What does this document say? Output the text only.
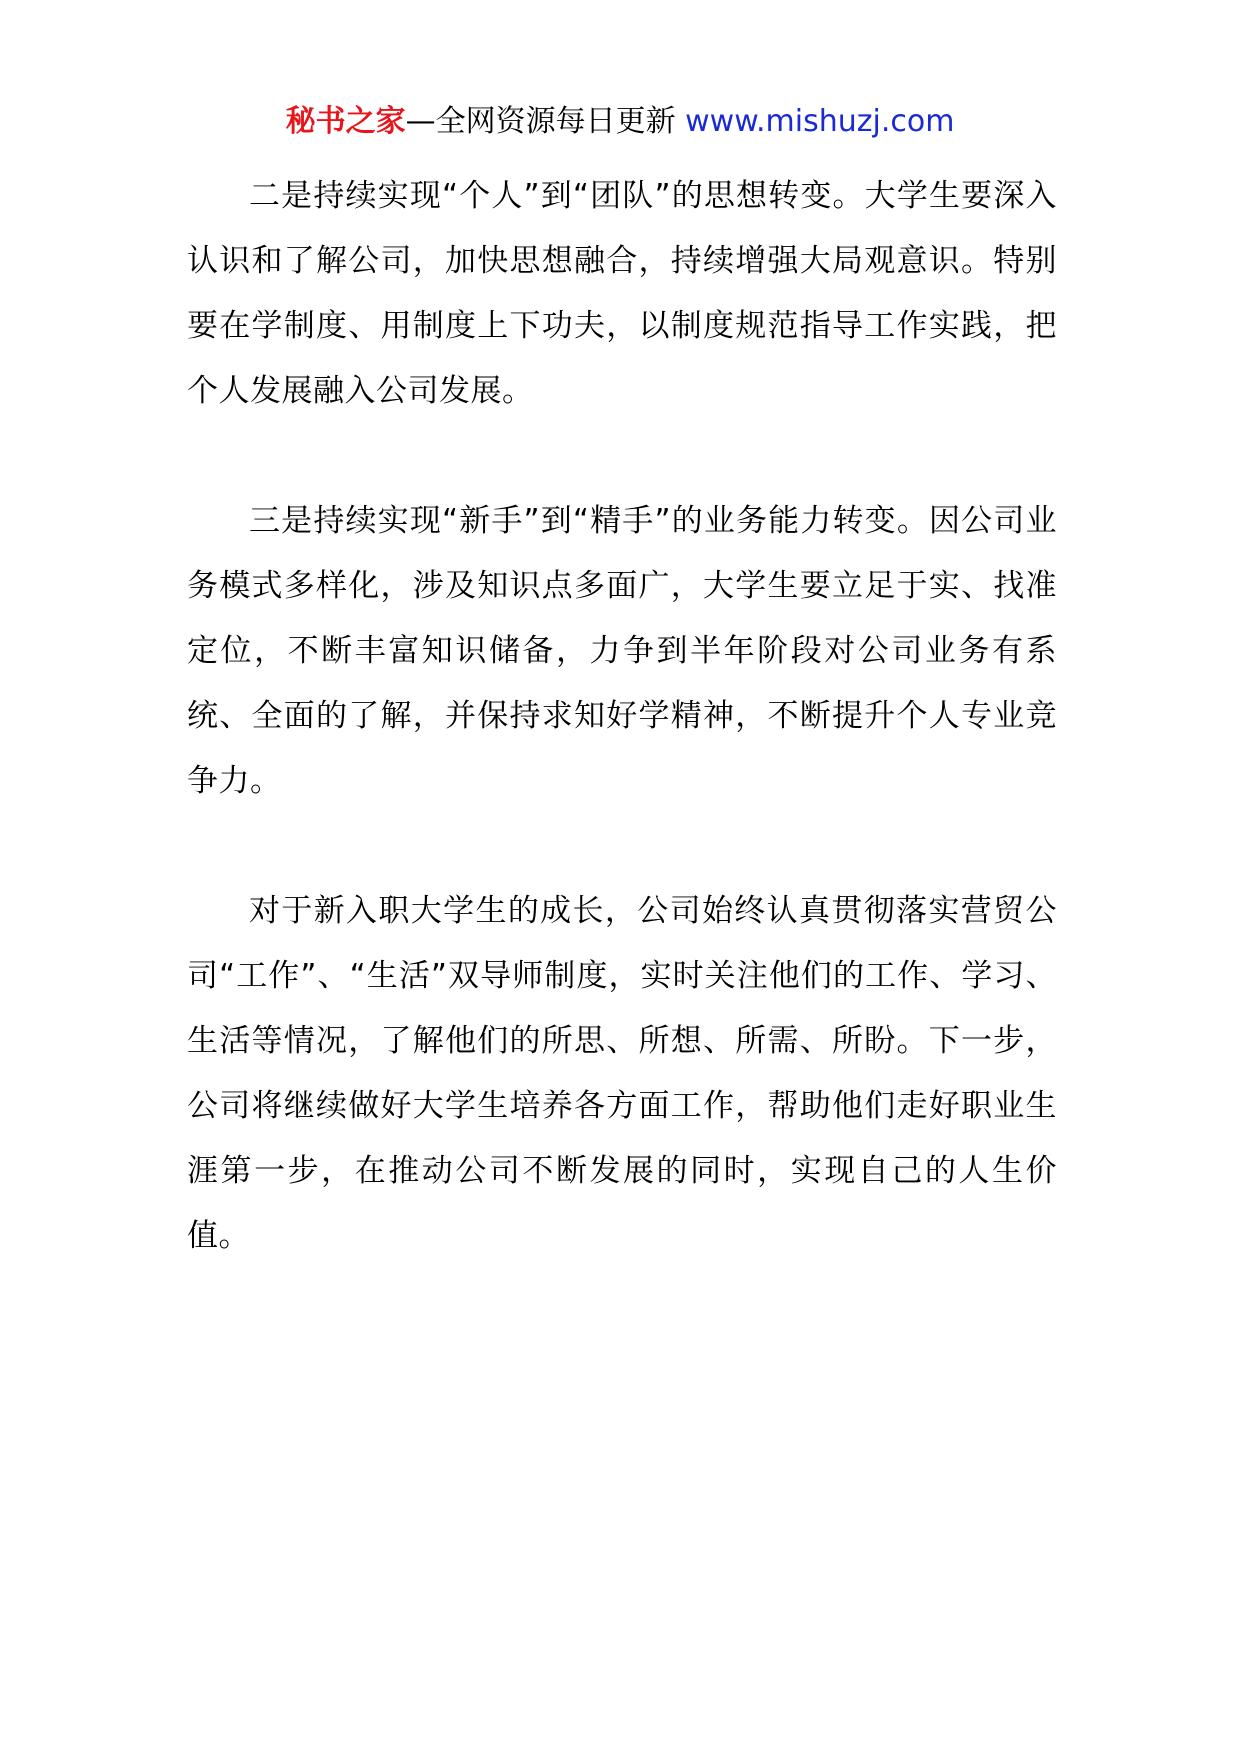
秘书之家—全网资源每日更新 www.mishuzj.com

二是持续实现“个人”到“团队”的思想转变。大学生要深入认识和了解公司，加快思想融合，持续增强大局观意识。特别要在学制度、用制度上下功夫，以制度规范指导工作实践，把个人发展融入公司发展。

三是持续实现“新手”到“精手”的业务能力转变。因公司业务模式多样化，涉及知识点多面广，大学生要立足于实、找准定位，不断丰富知识储备，力争到半年阶段对公司业务有系统、全面的了解，并保持求知好学精神，不断提升个人专业竞争力。

对于新入职大学生的成长，公司始终认真贯彻落实营贸公司“工作”、“生活”双导师制度，实时关注他们的工作、学习、生活等情况，了解他们的所思、所想、所需、所盼。下一步，公司将继续做好大学生培养各方面工作，帮助他们走好职业生涯第一步，在推动公司不断发展的同时，实现自己的人生价值。
